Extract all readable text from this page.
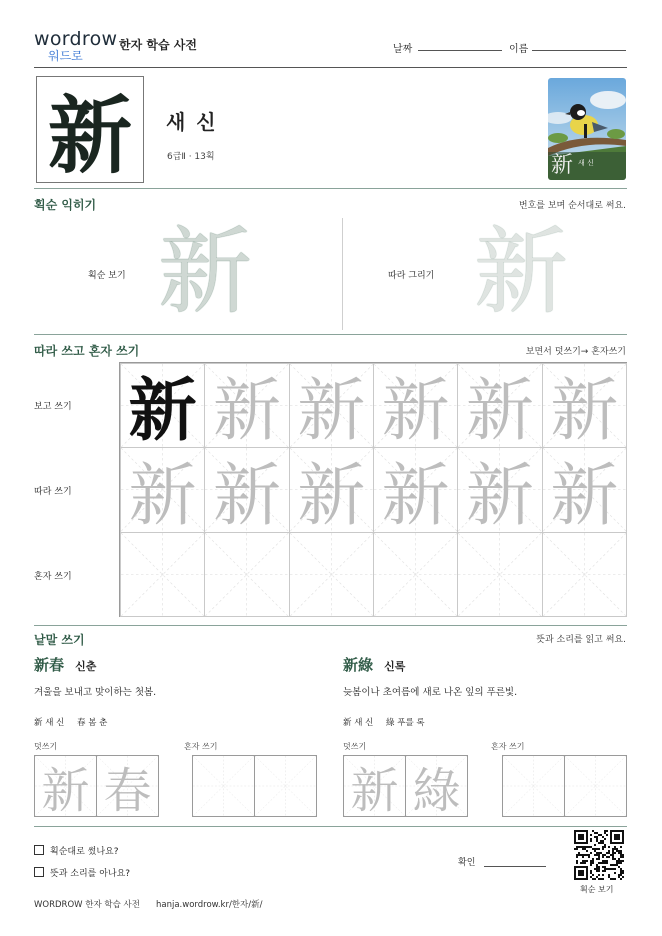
wordrow
워드로
한자 학습 사전	날짜	이름
新	새 신
6급Ⅱ · 13획	新 새 신
획순 익히기	번호를 보며 순서대로 써요.
획순 보기 新	따라 그리기 新
따라 쓰고 혼자 쓰기	보면서 덧쓰기→ 혼자쓰기
보고 쓰기
따라 쓰기
혼자 쓰기
新 新 新 新 新 新
新 新 新 新 新 新
낱말 쓰기	뜻과 소리를 읽고 써요.
新春 신춘
겨울을 보내고 맞이하는 첫봄.
新 새 신 春 봄 춘
덧쓰기	혼자 쓰기
新綠 신록
늦봄이나 초여름에 새로 나온 잎의 푸른빛.
新 새 신 綠 푸를 록
덧쓰기	혼자 쓰기
新 春	新 綠
획순대로 썼나요?
뜻과 소리를 아나요?
확인
획순 보기
WORDROW 한자 학습 사전 hanja.wordrow.kr/한자/新/
